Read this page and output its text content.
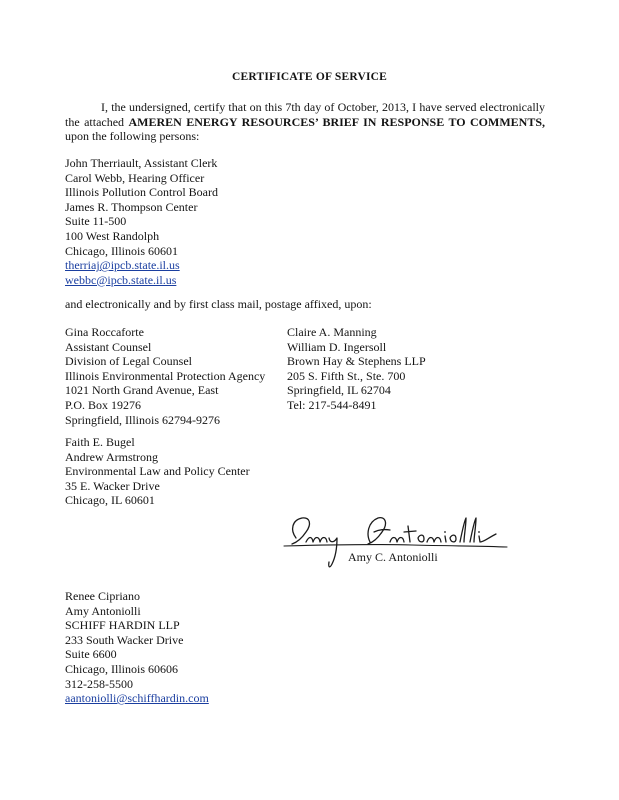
CERTIFICATE OF SERVICE
I, the undersigned, certify that on this 7th day of October, 2013, I have served electronically the attached AMEREN ENERGY RESOURCES’ BRIEF IN RESPONSE TO COMMENTS, upon the following persons:
John Therriault, Assistant Clerk
Carol Webb, Hearing Officer
Illinois Pollution Control Board
James R. Thompson Center
Suite 11-500
100 West Randolph
Chicago, Illinois 60601
therriaj@ipcb.state.il.us
webbc@ipcb.state.il.us
and electronically and by first class mail, postage affixed, upon:
Gina Roccaforte
Assistant Counsel
Division of Legal Counsel
Illinois Environmental Protection Agency
1021 North Grand Avenue, East
P.O. Box 19276
Springfield, Illinois 62794-9276
Claire A. Manning
William D. Ingersoll
Brown Hay & Stephens LLP
205 S. Fifth St., Ste. 700
Springfield, IL 62704
Tel: 217-544-8491
Faith E. Bugel
Andrew Armstrong
Environmental Law and Policy Center
35 E. Wacker Drive
Chicago, IL 60601
Amy C. Antoniolli
Renee Cipriano
Amy Antoniolli
SCHIFF HARDIN LLP
233 South Wacker Drive
Suite 6600
Chicago, Illinois 60606
312-258-5500
aantoniolli@schiffhardin.com
